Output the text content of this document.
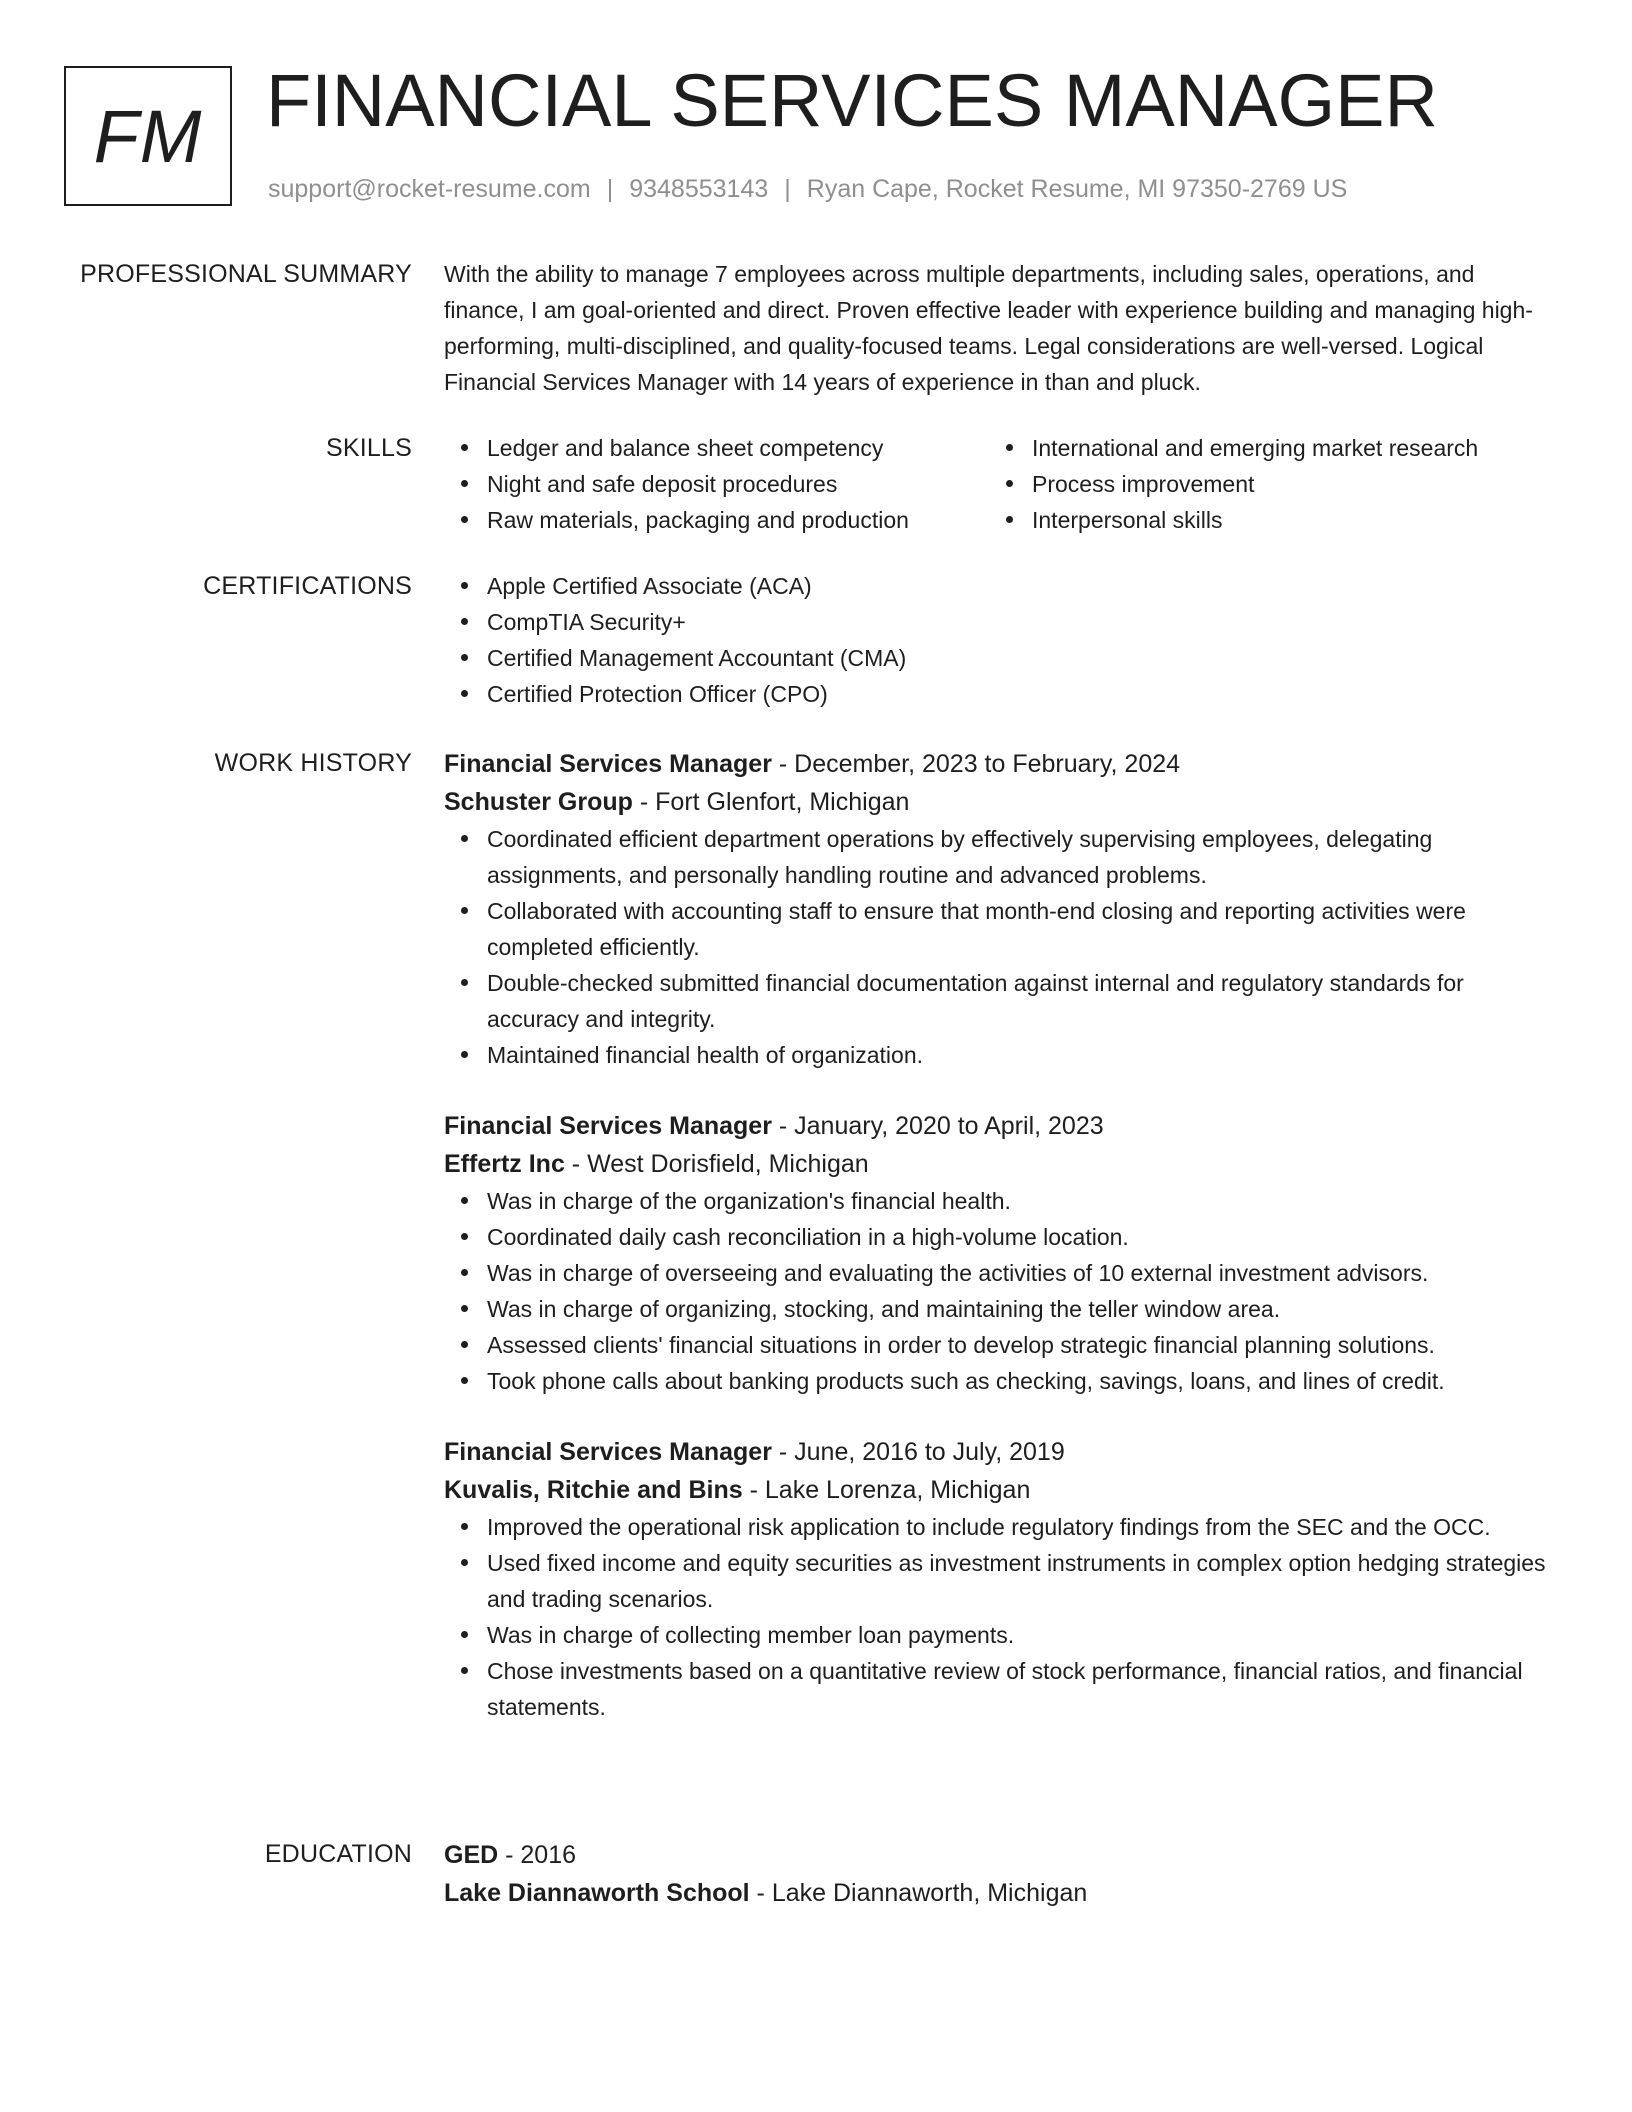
FM FINANCIAL SERVICES MANAGER
support@rocket-resume.com | 9348553143 | Ryan Cape, Rocket Resume, MI 97350-2769 US
PROFESSIONAL SUMMARY With the ability to manage 7 employees across multiple departments, including sales, operations, and finance, I am goal-oriented and direct. Proven effective leader with experience building and managing high-performing, multi-disciplined, and quality-focused teams. Legal considerations are well-versed. Logical Financial Services Manager with 14 years of experience in than and pluck.

SKILLS	Ledger and balance sheet competency
Night and safe deposit procedures
Raw materials, packaging and production
International and emerging market research
Process improvement
Interpersonal skills
CERTIFICATIONS	Apple Certified Associate (ACA)
CompTIA Security+
Certified Management Accountant (CMA)
Certified Protection Officer (CPO)
WORK HISTORY Financial Services Manager - December, 2023 to February, 2024
Schuster Group - Fort Glenfort, Michigan
Coordinated efficient department operations by effectively supervising employees, delegating assignments, and personally handling routine and advanced problems.
Collaborated with accounting staff to ensure that month-end closing and reporting activities were completed efficiently.
Double-checked submitted financial documentation against internal and regulatory standards for accuracy and integrity.
Maintained financial health of organization.
Financial Services Manager - January, 2020 to April, 2023
Effertz Inc - West Dorisfield, Michigan
Was in charge of the organization's financial health.
Coordinated daily cash reconciliation in a high-volume location.
Was in charge of overseeing and evaluating the activities of 10 external investment advisors.
Was in charge of organizing, stocking, and maintaining the teller window area.
Assessed clients' financial situations in order to develop strategic financial planning solutions.
Took phone calls about banking products such as checking, savings, loans, and lines of credit.
Financial Services Manager - June, 2016 to July, 2019
Kuvalis, Ritchie and Bins - Lake Lorenza, Michigan
Improved the operational risk application to include regulatory findings from the SEC and the OCC.
Used fixed income and equity securities as investment instruments in complex option hedging strategies and trading scenarios.
Was in charge of collecting member loan payments.
Chose investments based on a quantitative review of stock performance, financial ratios, and financial statements.
EDUCATION GED - 2016
Lake Diannaworth School - Lake Diannaworth, Michigan
